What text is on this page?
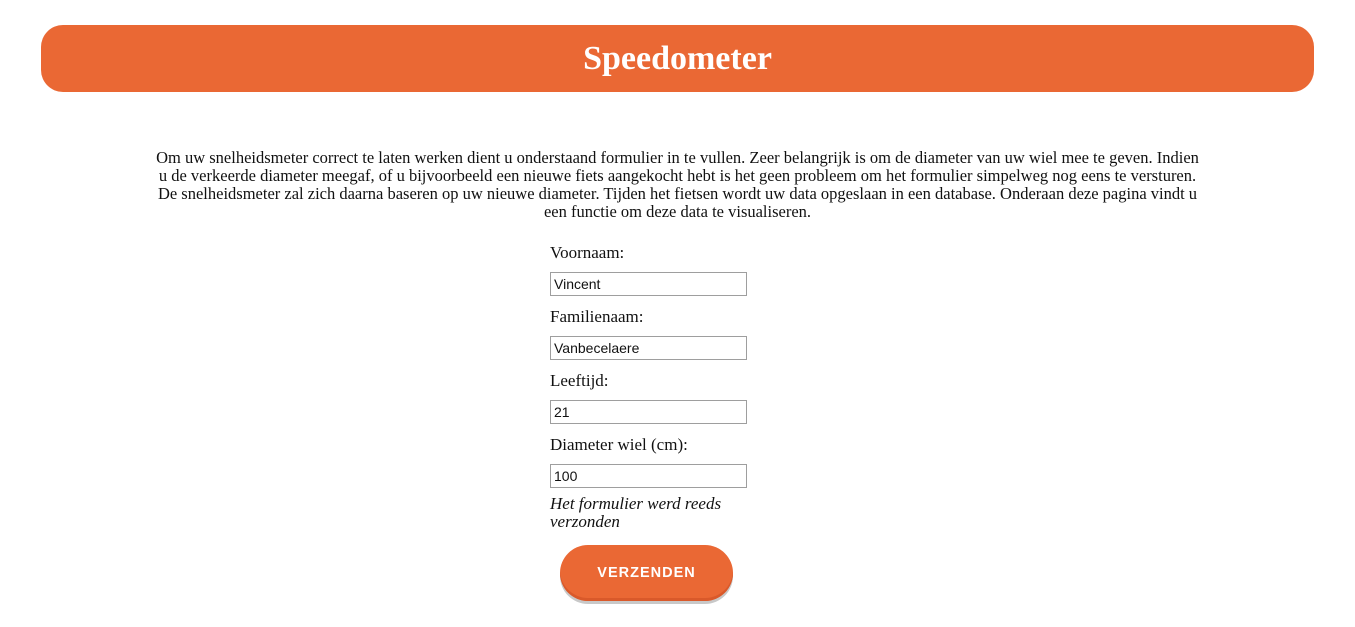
Speedometer

Om uw snelheidsmeter correct te laten werken dient u onderstaand formulier in te vullen. Zeer belangrijk is om de diameter van uw wiel mee te geven. Indien u de verkeerde diameter meegaf, of u bijvoorbeeld een nieuwe fiets aangekocht hebt is het geen probleem om het formulier simpelweg nog eens te versturen. De snelheidsmeter zal zich daarna baseren op uw nieuwe diameter. Tijden het fietsen wordt uw data opgeslaan in een database. Onderaan deze pagina vindt u een functie om deze data te visualiseren.

Voornaam:
Vincent
Familienaam:
Vanbecelaere
Leeftijd:
21
Diameter wiel (cm):
100

Het formulier werd reeds verzonden

VERZENDEN
